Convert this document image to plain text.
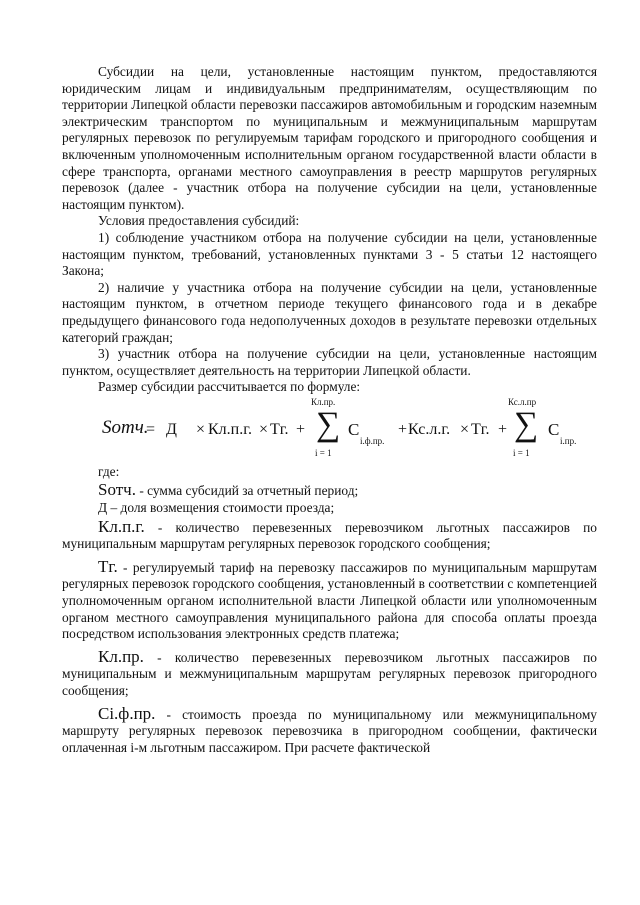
Субсидии на цели, установленные настоящим пунктом, предоставляются юридическим лицам и индивидуальным предпринимателям, осуществляющим по территории Липецкой области перевозки пассажиров автомобильным и городским наземным электрическим транспортом по муниципальным и межмуниципальным маршрутам регулярных перевозок по регулируемым тарифам городского и пригородного сообщения и включенным уполномоченным исполнительным органом государственной власти области в сфере транспорта, органами местного самоуправления в реестр маршрутов регулярных перевозок (далее - участник отбора на получение субсидии на цели, установленные настоящим пунктом).

Условия предоставления субсидий:

1) соблюдение участником отбора на получение субсидии на цели, установленные настоящим пунктом, требований, установленных пунктами 3 - 5 статьи 12 настоящего Закона;

2) наличие у участника отбора на получение субсидии на цели, установленные настоящим пунктом, в отчетном периоде текущего финансового года и в декабре предыдущего финансового года недополученных доходов в результате перевозки отдельных категорий граждан;

3) участник отбора на получение субсидии на цели, установленные настоящим пунктом, осуществляет деятельность на территории Липецкой области.

Размер субсидии рассчитывается по формуле:

Sотч.
= Д × Кл.п.г. × Тг. +
Кл.пр.
∑
i = 1
C
i.ф.пр.
+ Кс.л.г. × Тг. +
Кс.л.пр
∑
i = 1
C
i.пр.

где:

Sотч. - сумма субсидий за отчетный период;

Д – доля возмещения стоимости проезда;

Кл.п.г. - количество перевезенных перевозчиком льготных пассажиров по муниципальным маршрутам регулярных перевозок городского сообщения;

Тг. - регулируемый тариф на перевозку пассажиров по муниципальным маршрутам регулярных перевозок городского сообщения, установленный в соответствии с компетенцией уполномоченным органом исполнительной власти Липецкой области или уполномоченным органом местного самоуправления муниципального района для способа оплаты проезда посредством использования электронных средств платежа;

Кл.пр. - количество перевезенных перевозчиком льготных пассажиров по муниципальным и межмуниципальным маршрутам регулярных перевозок пригородного сообщения;

Ci.ф.пр. - стоимость проезда по муниципальному или межмуниципальному маршруту регулярных перевозок перевозчика в пригородном сообщении, фактически оплаченная i-м льготным пассажиром. При расчете фактической
